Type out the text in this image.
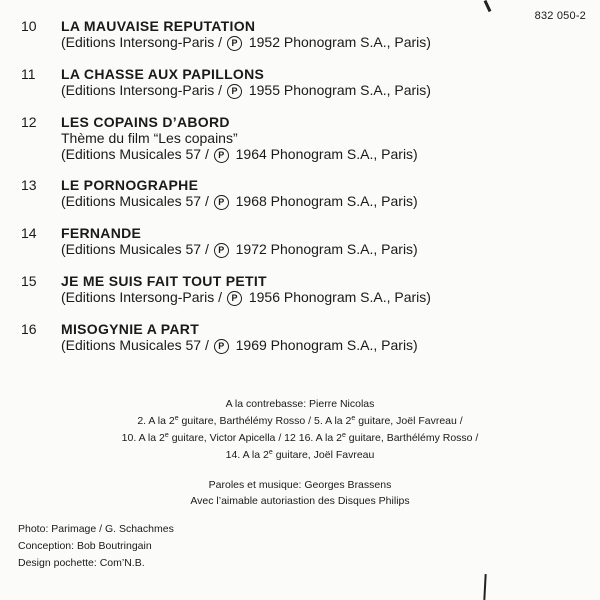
832 050-2
10	LA MAUVAISE REPUTATION
(Editions Intersong-Paris / P 1952 Phonogram S.A., Paris)
11	LA CHASSE AUX PAPILLONS
(Editions Intersong-Paris / P 1955 Phonogram S.A., Paris)
12	LES COPAINS D’ABORD
Thème du film “Les copains”
(Editions Musicales 57 / P 1964 Phonogram S.A., Paris)
13	LE PORNOGRAPHE
(Editions Musicales 57 / P 1968 Phonogram S.A., Paris)
14	FERNANDE
(Editions Musicales 57 / P 1972 Phonogram S.A., Paris)
15	JE ME SUIS FAIT TOUT PETIT
(Editions Intersong-Paris / P 1956 Phonogram S.A., Paris)
16	MISOGYNIE A PART
(Editions Musicales 57 / P 1969 Phonogram S.A., Paris)
A la contrebasse: Pierre Nicolas
2. A la 2e guitare, Barthélémy Rosso / 5. A la 2e guitare, Joël Favreau /
10. A la 2e guitare, Victor Apicella / 12 16. A la 2e guitare, Barthélémy Rosso /
14. A la 2e guitare, Joël Favreau
Paroles et musique: Georges Brassens
Avec l’aimable autoriastion des Disques Philips
Photo: Parimage / G. Schachmes
Conception: Bob Boutringain
Design pochette: Com’N.B.
